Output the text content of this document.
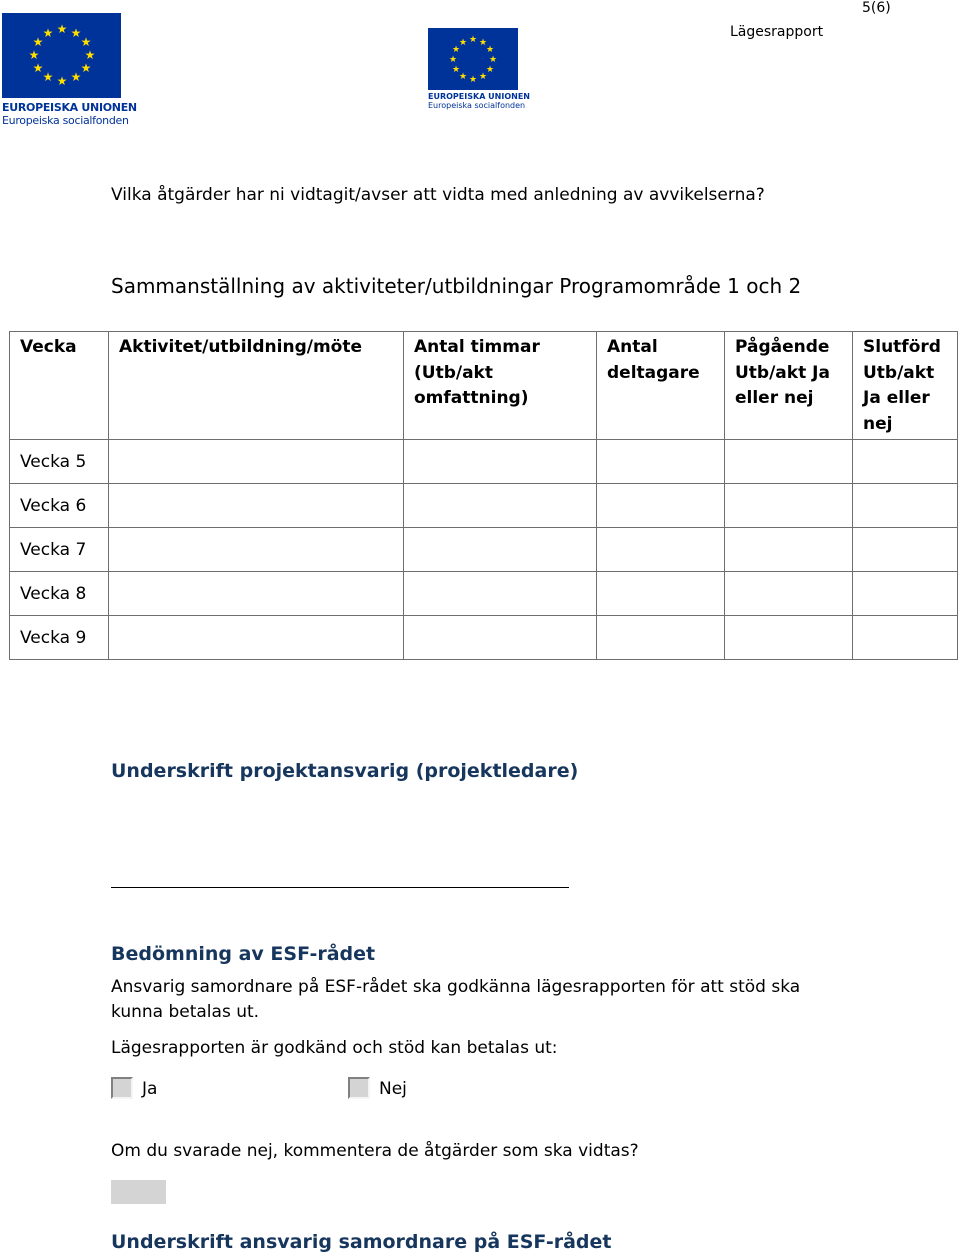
5(6)
Lägesrapport
★ ★
★
★
★
★
★
★
★
★
★
★
EUROPEISKA UNIONEN
Europeiska socialfonden
★ ★
★
★
★
★
★
★
★
★
★
★
EUROPEISKA UNIONEN
Europeiska socialfonden
Vilka åtgärder har ni vidtagit/avser att vidta med anledning av avvikelserna?
Sammanställning av aktiviteter/utbildningar Programområde 1 och 2
Vecka	Aktivitet/utbildning/möte	Antal timmar (Utb/akt omfattning)	Antal deltagare	Pågående Utb/akt Ja eller nej	Slutförd Utb/akt Ja eller nej
Vecka 5					
Vecka 6					
Vecka 7					
Vecka 8					
Vecka 9					
Underskrift projektansvarig (projektledare)
Bedömning av ESF-rådet
Ansvarig samordnare på ESF-rådet ska godkänna lägesrapporten för att stöd ska kunna betalas ut.
Lägesrapporten är godkänd och stöd kan betalas ut:
Ja	Nej
Om du svarade nej, kommentera de åtgärder som ska vidtas?
Underskrift ansvarig samordnare på ESF-rådet
